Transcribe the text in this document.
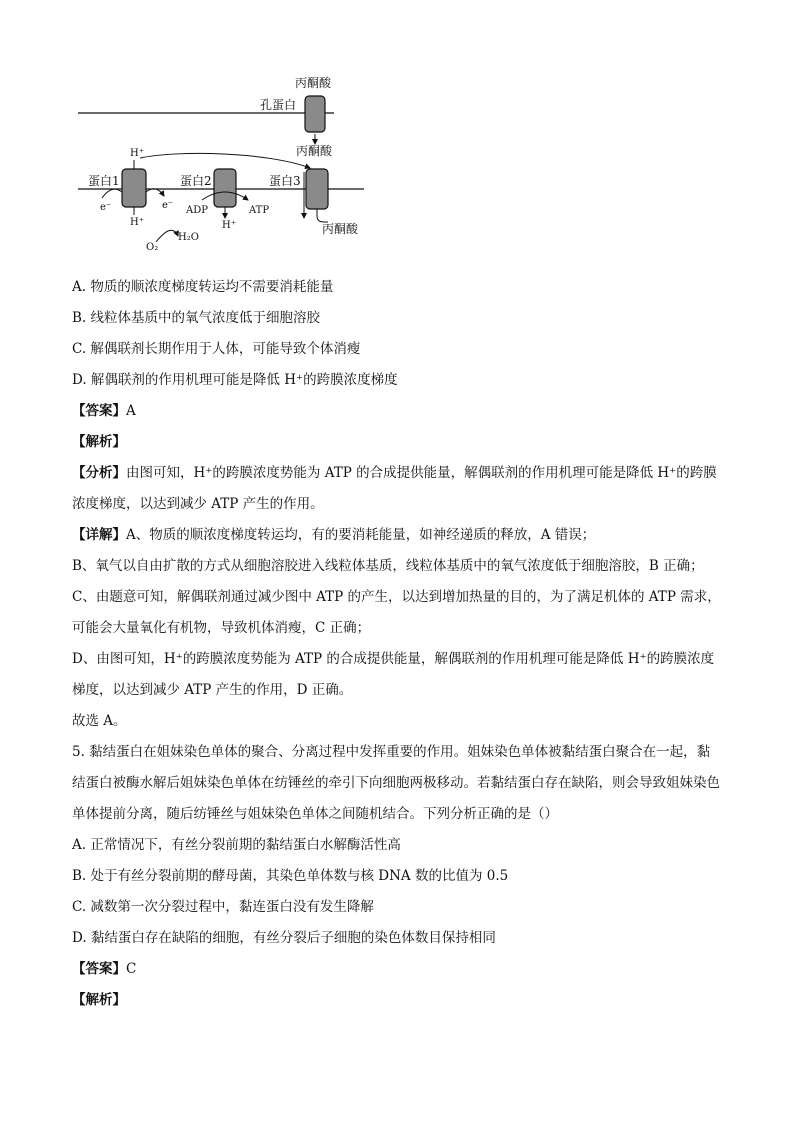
丙酮酸
孔蛋白
丙酮酸
H⁺
蛋白1	蛋白2	蛋白3
e⁻	e⁻ ADP	ATP
H⁺	H⁺
O₂
H₂O
丙酮酸
A. 物质的顺浓度梯度转运均不需要消耗能量
B. 线粒体基质中的氧气浓度低于细胞溶胶
C. 解偶联剂长期作用于人体，可能导致个体消瘦
D. 解偶联剂的作用机理可能是降低 H⁺的跨膜浓度梯度
【答案】A
【解析】
【分析】由图可知，H⁺的跨膜浓度势能为 ATP 的合成提供能量，解偶联剂的作用机理可能是降低 H⁺的跨膜浓度梯度，以达到减少 ATP 产生的作用。
【详解】A、物质的顺浓度梯度转运均，有的要消耗能量，如神经递质的释放，A 错误；
B、氧气以自由扩散的方式从细胞溶胶进入线粒体基质，线粒体基质中的氧气浓度低于细胞溶胶，B 正确；
C、由题意可知，解偶联剂通过减少图中 ATP 的产生，以达到增加热量的目的，为了满足机体的 ATP 需求，可能会大量氧化有机物，导致机体消瘦，C 正确；
D、由图可知，H⁺的跨膜浓度势能为 ATP 的合成提供能量，解偶联剂的作用机理可能是降低 H⁺的跨膜浓度梯度，以达到减少 ATP 产生的作用，D 正确。
故选 A。
5. 黏结蛋白在姐妹染色单体的聚合、分离过程中发挥重要的作用。姐妹染色单体被黏结蛋白聚合在一起，黏结蛋白被酶水解后姐妹染色单体在纺锤丝的牵引下向细胞两极移动。若黏结蛋白存在缺陷，则会导致姐妹染色单体提前分离，随后纺锤丝与姐妹染色单体之间随机结合。下列分析正确的是（）
A. 正常情况下，有丝分裂前期的黏结蛋白水解酶活性高
B. 处于有丝分裂前期的酵母菌，其染色单体数与核 DNA 数的比值为 0.5
C. 减数第一次分裂过程中，黏连蛋白没有发生降解
D. 黏结蛋白存在缺陷的细胞，有丝分裂后子细胞的染色体数目保持相同
【答案】C
【解析】
